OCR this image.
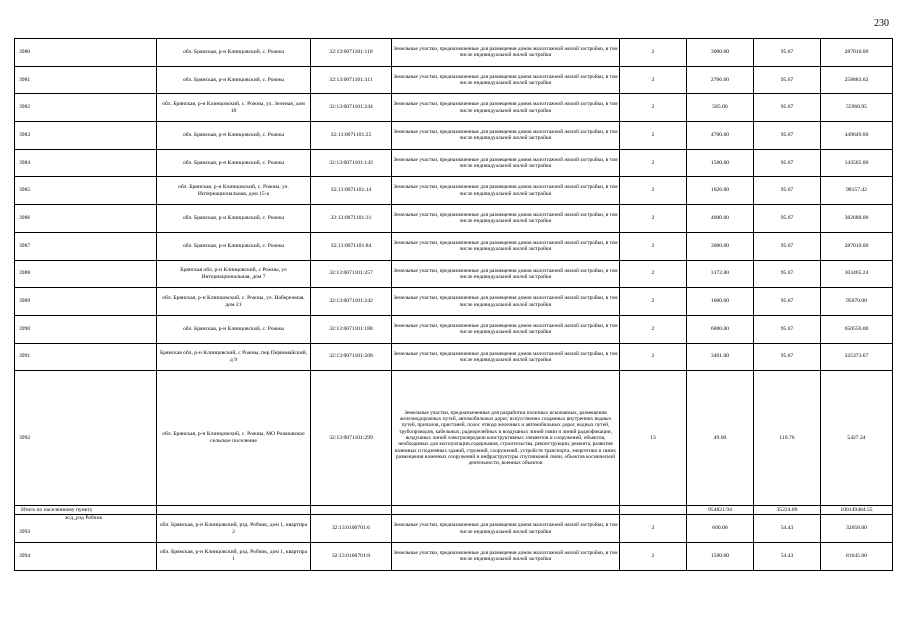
230
3980	обл. Брянская, р-н Клинцовский, с. Рожны	32:13:0071101:118	Земельные участки, предназначенные для размещения домов малоэтажной жилой застройки, в том числе индивидуальной жилой застройки	2	3000.00	95.67	287010.00
3981	обл. Брянская, р-н Клинцовский, с. Рожны	32:13:0071101:311	Земельные участки, предназначенные для размещения домов малоэтажной жилой застройки, в том числе индивидуальной жилой застройки	2	2706.00	95.67	258883.02
3982	обл. Брянская, р-н Клинцовский, с. Рожны, ул. Зеленая, дом 18	32:13:0071101:244	Земельные участки, предназначенные для размещения домов малоэтажной жилой застройки, в том числе индивидуальной жилой застройки	2	585.00	95.67	55966.95
3983	обл. Брянская, р-н Клинцовский, с. Рожны	32:13:0071101:25	Земельные участки, предназначенные для размещения домов малоэтажной жилой застройки, в том числе индивидуальной жилой застройки	2	4700.00	95.67	449649.00
3984	обл. Брянская, р-н Клинцовский, с. Рожны	32:13:0071101:143	Земельные участки, предназначенные для размещения домов малоэтажной жилой застройки, в том числе индивидуальной жилой застройки	2	1500.00	95.67	143505.00
3985	обл. Брянская, р-н Клинцовский, с. Рожны, ул. Интернациональная, дом 15-а	32:13:0071101:14	Земельные участки, предназначенные для размещения домов малоэтажной жилой застройки, в том числе индивидуальной жилой застройки	2	1026.00	95.67	98157.42
3986	обл. Брянская, р-н Клинцовский, с. Рожны	32:13:0071101:31	Земельные участки, предназначенные для размещения домов малоэтажной жилой застройки, в том числе индивидуальной жилой застройки	2	4000.00	95.67	382680.00
3987	обл. Брянская, р-н Клинцовский, с. Рожны	32:13:0071101:84	Земельные участки, предназначенные для размещения домов малоэтажной жилой застройки, в том числе индивидуальной жилой застройки	2	3000.00	95.67	287010.00
3988	Брянская обл, р-н Клинцовский, с Рожны, ул Интернациональная, дом 7	32:13:0071101:257	Земельные участки, предназначенные для размещения домов малоэтажной жилой застройки, в том числе индивидуальной жилой застройки	2	3172.00	95.67	303465.24
3989	обл. Брянская, р-н Клинцовский, с. Рожны, ул. Набережная, дом 21	32:13:0071101:242	Земельные участки, предназначенные для размещения домов малоэтажной жилой застройки, в том числе индивидуальной жилой застройки	2	1000.00	95.67	95670.00
3990	обл. Брянская, р-н Клинцовский, с. Рожны	32:13:0071101:188	Земельные участки, предназначенные для размещения домов малоэтажной жилой застройки, в том числе индивидуальной жилой застройки	2	6800.00	95.67	650556.00
3991	Брянская обл, р-н Клинцовский, с Рожны, пер Первомайский, д 9	32:13:0071101:508	Земельные участки, предназначенные для размещения домов малоэтажной жилой застройки, в том числе индивидуальной жилой застройки	2	3401.00	95.67	325373.67
3992	обл. Брянская, р-н Клинцовский, с. Рожны, МО Рожновское сельское поселение	32:13:0071101:299	Земельные участки, предназначенные для разработки полезных ископаемых, размещения железнодорожных путей, автомобильных дорог, искусственно созданных внутренних водных путей, причалов, пристаней, полос отвода железных и автомобильных дорог, водных путей, трубопроводов, кабельных, радиорелейных и воздушных линий связи и линий радиофикации, воздушных линий электропередачи конструктивных элементов и сооружений, объектов, необходимых для эксплуатации,содержания, строительства, реконструкции, ремонта, развития наземных и подземных зданий, строений, сооружений, устройств транспорта, энергетики и связи; размещения наземных сооружений и инфраструктуры спутниковой связи, объектов космической деятельности, военных объектов	13	49.00	110.76	5427.24
Итого по населенному пункту					954821.94	35224.89	100149484.55

ж/д_рзд Робчик
3993	обл. Брянская, р-н Клинцовский, рзд. Робчик, дом 1, квартира 2	32:13:0100701:6	Земельные участки, предназначенные для размещения домов малоэтажной жилой застройки, в том числе индивидуальной жилой застройки	2	600.00	54.43	32658.00
3994	обл. Брянская, р-н Клинцовский, рзд. Робчик, дом 1, квартира 1	32:13:0100701:8	Земельные участки, предназначенные для размещения домов малоэтажной жилой застройки, в том числе индивидуальной жилой застройки	2	1500.00	54.43	81645.00
